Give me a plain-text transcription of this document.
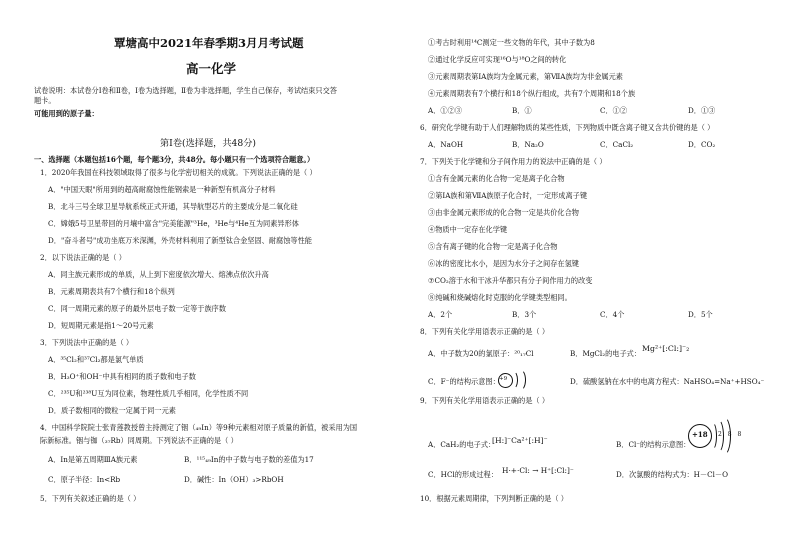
覃塘高中2021年春季期3月月考试题
高一化学
试卷说明：本试卷分Ⅰ卷和Ⅱ卷，Ⅰ卷为选择题，Ⅱ卷为非选择题，学生自己保存，考试结束只交答
题卡。
可能用到的原子量：
第Ⅰ卷(选择题，共48分)
一、选择题（本题包括16个题，每个题3分，共48分。每小题只有一个选项符合题意。）
1．2020年我国在科技领域取得了很多与化学密切相关的成就。下列说法正确的是（ ）
A．"中国天眼"所用到的超高耐腐蚀性能钢索是一种新型有机高分子材料
B．北斗三号全球卫星导航系统正式开通，其导航型芯片的主要成分是二氧化硅
C．嫦娥5号卫星带回的月壤中富含"完美能源"³He，³He与⁴He互为同素异形体
D．"奋斗者号"成功坐底万米深渊，外壳材料利用了新型钛合金坚固、耐腐蚀等性能
2．以下说法正确的是（ ）
A．同主族元素形成的单质，从上到下密度依次增大、熔沸点依次升高
B．元素周期表共有7个横行和18个纵列
C．同一周期元素的原子的最外层电子数一定等于族序数
D．短周期元素是指1～20号元素
3．下列说法中正确的是（ ）
A．³⁵Cl₂和³⁷Cl₂都是氯气单质
B．H₃O⁺和OH⁻中具有相同的质子数和电子数
C．²³⁵U和²³⁸U互为同位素，物理性质几乎相同，化学性质不同
D．质子数相同的微粒一定属于同一元素
4．中国科学院院士张青莲教授曾主持测定了铟（₄₉In）等9种元素相对原子质量的新值，被采用为国
际新标准。铟与铷（₃₇Rb）同周期。下列说法不正确的是（ ）
A．In是第五周期ⅢA族元素	B．¹¹⁵₄₉In的中子数与电子数的差值为17
C．原子半径：In<Rb	D．碱性：In（OH）₃>RbOH
5．下列有关叙述正确的是（ ）
①考古时利用¹⁴C测定一些文物的年代，其中子数为8
②通过化学反应可实现¹⁶O与¹⁸O之间的转化
③元素周期表第ⅠA族均为金属元素，第ⅦA族均为非金属元素
④元素周期表有7个横行和18个纵行组成，共有7个周期和18个族
A．①②③	B．①	C．①②	D．①③
6．研究化学键有助于人们理解物质的某些性质，下列物质中既含离子键又含共价键的是（ ）
A．NaOH	B．Na₂O	C．CaCl₂	D．CO₂
7．下列关于化学键和分子间作用力的说法中正确的是（ ）
①含有金属元素的化合物一定是离子化合物
②第ⅠA族和第ⅦA族原子化合时，一定形成离子键
③由非金属元素形成的化合物一定是共价化合物
④物质中一定存在化学键
⑤含有离子键的化合物一定是离子化合物
⑥冰的密度比水小，是因为水分子之间存在氢键
⑦CO₂溶于水和干冰升华都只有分子间作用力的改变
⑧纯碱和烧碱熔化时克服的化学键类型相同。
A．2个	B．3个	C．4个	D．5个
8．下列有关化学用语表示正确的是（ ）
A．中子数为20的氯原子：²⁰₁₇Cl	B．MgCl₂的电子式：
Mg²⁺[:Cl:]⁻₂
C．F⁻的结构示意图： +9	D．硫酸氢钠在水中的电离方程式：NaHSO₄=Na⁺+HSO₄⁻
9．下列有关化学用语表示正确的是（ ）
A．CaH₂的电子式：
[H:]⁻Ca²⁺[:H]⁻	B．Cl⁻的结构示意图：
+18 2 8 8
C．HCl的形成过程： H·+·Cl: → H⁺[:Cl:]⁻	D．次氯酸的结构式为：H－Cl－O
10．根据元素周期律，下列判断正确的是（ ）
